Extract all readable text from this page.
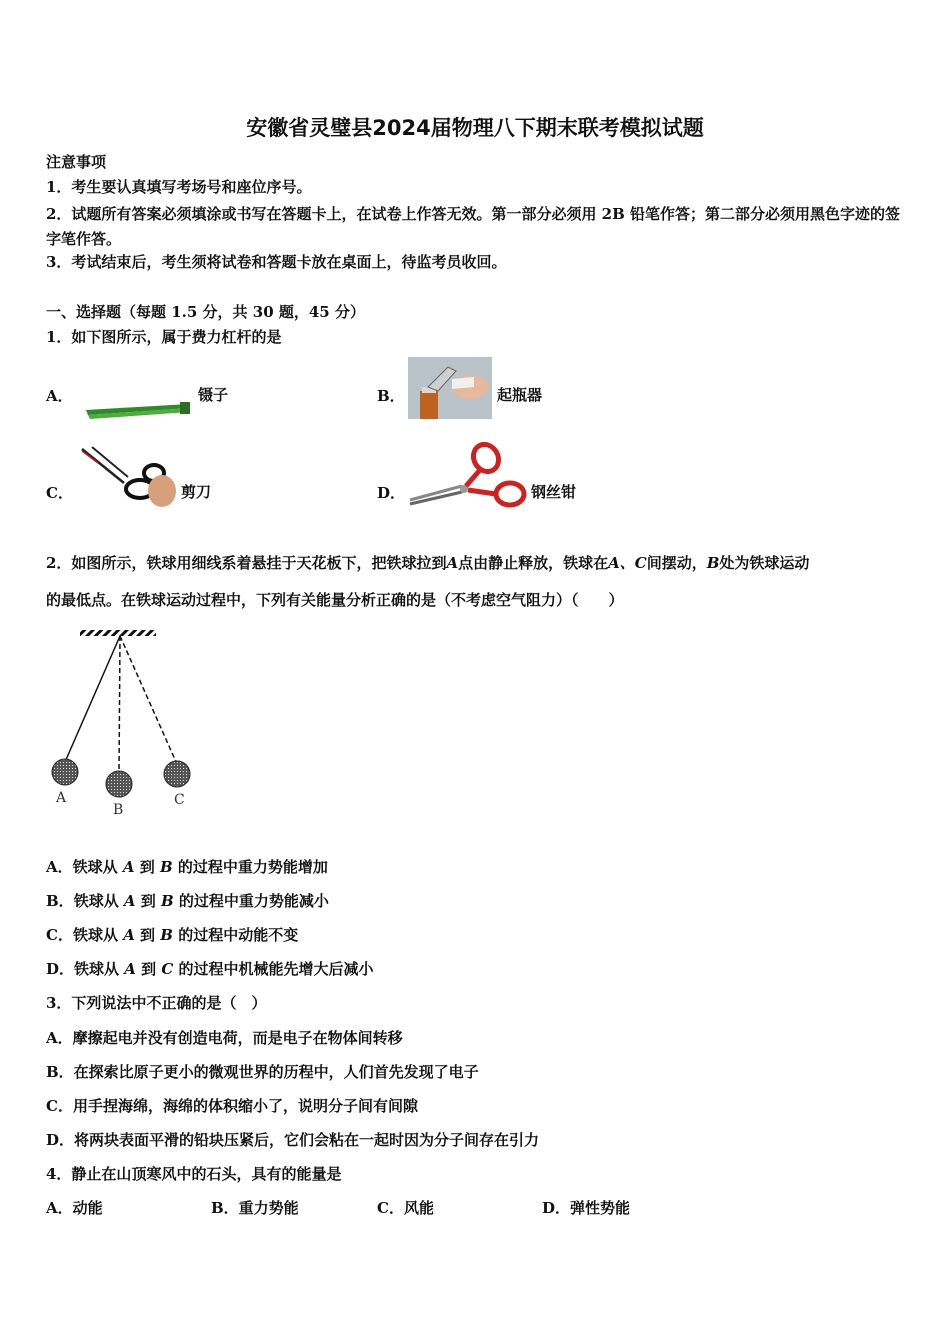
安徽省灵璧县2024届物理八下期末联考模拟试题
注意事项
1．考生要认真填写考场号和座位序号。
2．试题所有答案必须填涂或书写在答题卡上，在试卷上作答无效。第一部分必须用 2B 铅笔作答；第二部分必须用黑色字迹的签字笔作答。
3．考试结束后，考生须将试卷和答题卡放在桌面上，待监考员收回。
一、选择题（每题 1.5 分，共 30 题，45 分）
1．如下图所示，属于费力杠杆的是
A．	镊子	B．	起瓶器
C．	剪刀	D．	钢丝钳
2．如图所示，铁球用细线系着悬挂于天花板下，把铁球拉到A点由静止释放，铁球在A、C间摆动，B处为铁球运动
的最低点。在铁球运动过程中，下列有关能量分析正确的是（不考虑空气阻力）（　　）
A
B
C
A．铁球从 A 到 B 的过程中重力势能增加
B．铁球从 A 到 B 的过程中重力势能减小
C．铁球从 A 到 B 的过程中动能不变
D．铁球从 A 到 C 的过程中机械能先增大后减小
3．下列说法中不正确的是（　）
A．摩擦起电并没有创造电荷，而是电子在物体间转移
B．在探索比原子更小的微观世界的历程中，人们首先发现了电子
C．用手捏海绵，海绵的体积缩小了，说明分子间有间隙
D．将两块表面平滑的铅块压紧后，它们会粘在一起时因为分子间存在引力
4．静止在山顶寒风中的石头，具有的能量是
A．动能	B．重力势能	C．风能	D．弹性势能
